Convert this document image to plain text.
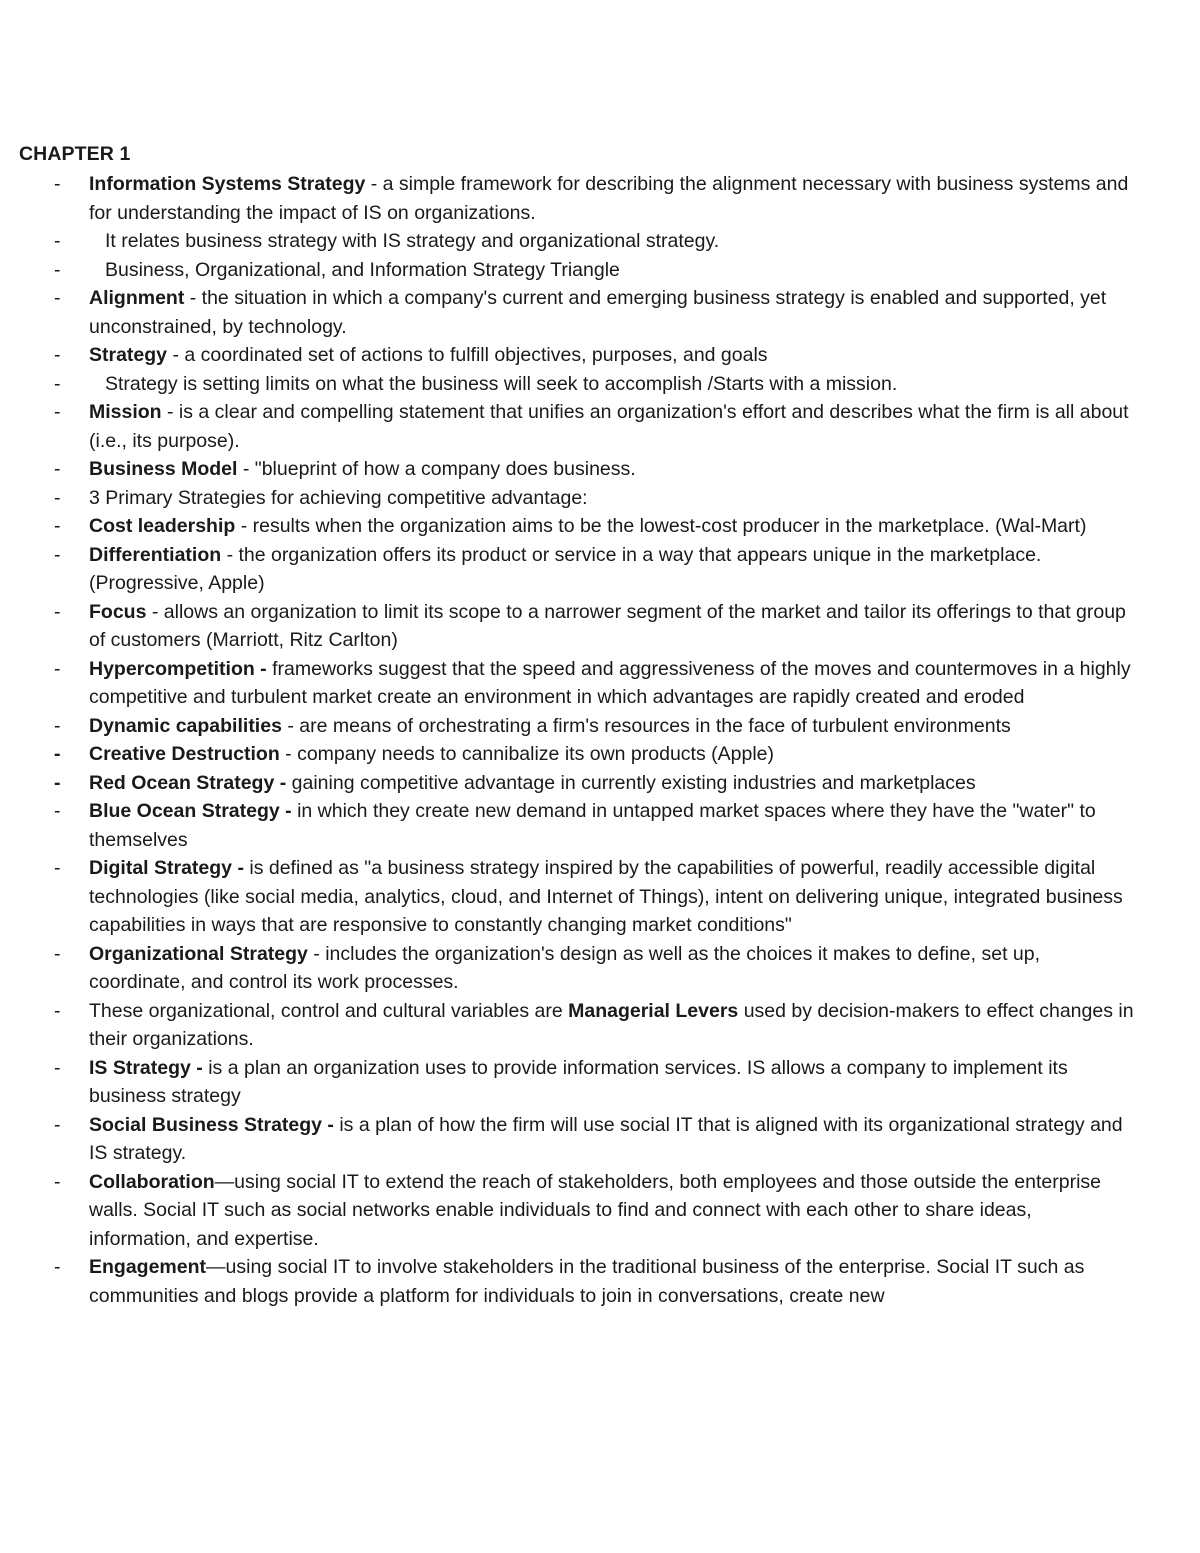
CHAPTER 1
-	Information Systems Strategy - a simple framework for describing the alignment necessary with business systems and for understanding the impact of IS on organizations.
-	It relates business strategy with IS strategy and organizational strategy.
-	Business, Organizational, and Information Strategy Triangle
-	Alignment - the situation in which a company's current and emerging business strategy is enabled and supported, yet unconstrained, by technology.
-	Strategy - a coordinated set of actions to fulfill objectives, purposes, and goals
-	Strategy is setting limits on what the business will seek to accomplish /Starts with a mission.
-	Mission - is a clear and compelling statement that unifies an organization's effort and describes what the firm is all about (i.e., its purpose).
-	Business Model - "blueprint of how a company does business.
-	3 Primary Strategies for achieving competitive advantage:
-	Cost leadership - results when the organization aims to be the lowest-cost producer in the marketplace. (Wal-Mart)
-	Differentiation - the organization offers its product or service in a way that appears unique in the marketplace. (Progressive, Apple)
-	Focus - allows an organization to limit its scope to a narrower segment of the market and tailor its offerings to that group of customers (Marriott, Ritz Carlton)
-	Hypercompetition - frameworks suggest that the speed and aggressiveness of the moves and countermoves in a highly competitive and turbulent market create an environment in which advantages are rapidly created and eroded
-	Dynamic capabilities - are means of orchestrating a firm's resources in the face of turbulent environments
-	Creative Destruction - company needs to cannibalize its own products (Apple)
-	Red Ocean Strategy - gaining competitive advantage in currently existing industries and marketplaces
-	Blue Ocean Strategy - in which they create new demand in untapped market spaces where they have the "water" to themselves
-	Digital Strategy - is defined as "a business strategy inspired by the capabilities of powerful, readily accessible digital technologies (like social media, analytics, cloud, and Internet of Things), intent on delivering unique, integrated business capabilities in ways that are responsive to constantly changing market conditions"
-	Organizational Strategy - includes the organization's design as well as the choices it makes to define, set up, coordinate, and control its work processes.
-	These organizational, control and cultural variables are Managerial Levers used by decision-makers to effect changes in their organizations.
-	IS Strategy - is a plan an organization uses to provide information services. IS allows a company to implement its business strategy
-	Social Business Strategy - is a plan of how the firm will use social IT that is aligned with its organizational strategy and IS strategy.
-	Collaboration—using social IT to extend the reach of stakeholders, both employees and those outside the enterprise walls. Social IT such as social networks enable individuals to find and connect with each other to share ideas, information, and expertise.
-	Engagement—using social IT to involve stakeholders in the traditional business of the enterprise. Social IT such as communities and blogs provide a platform for individuals to join in conversations, create new
